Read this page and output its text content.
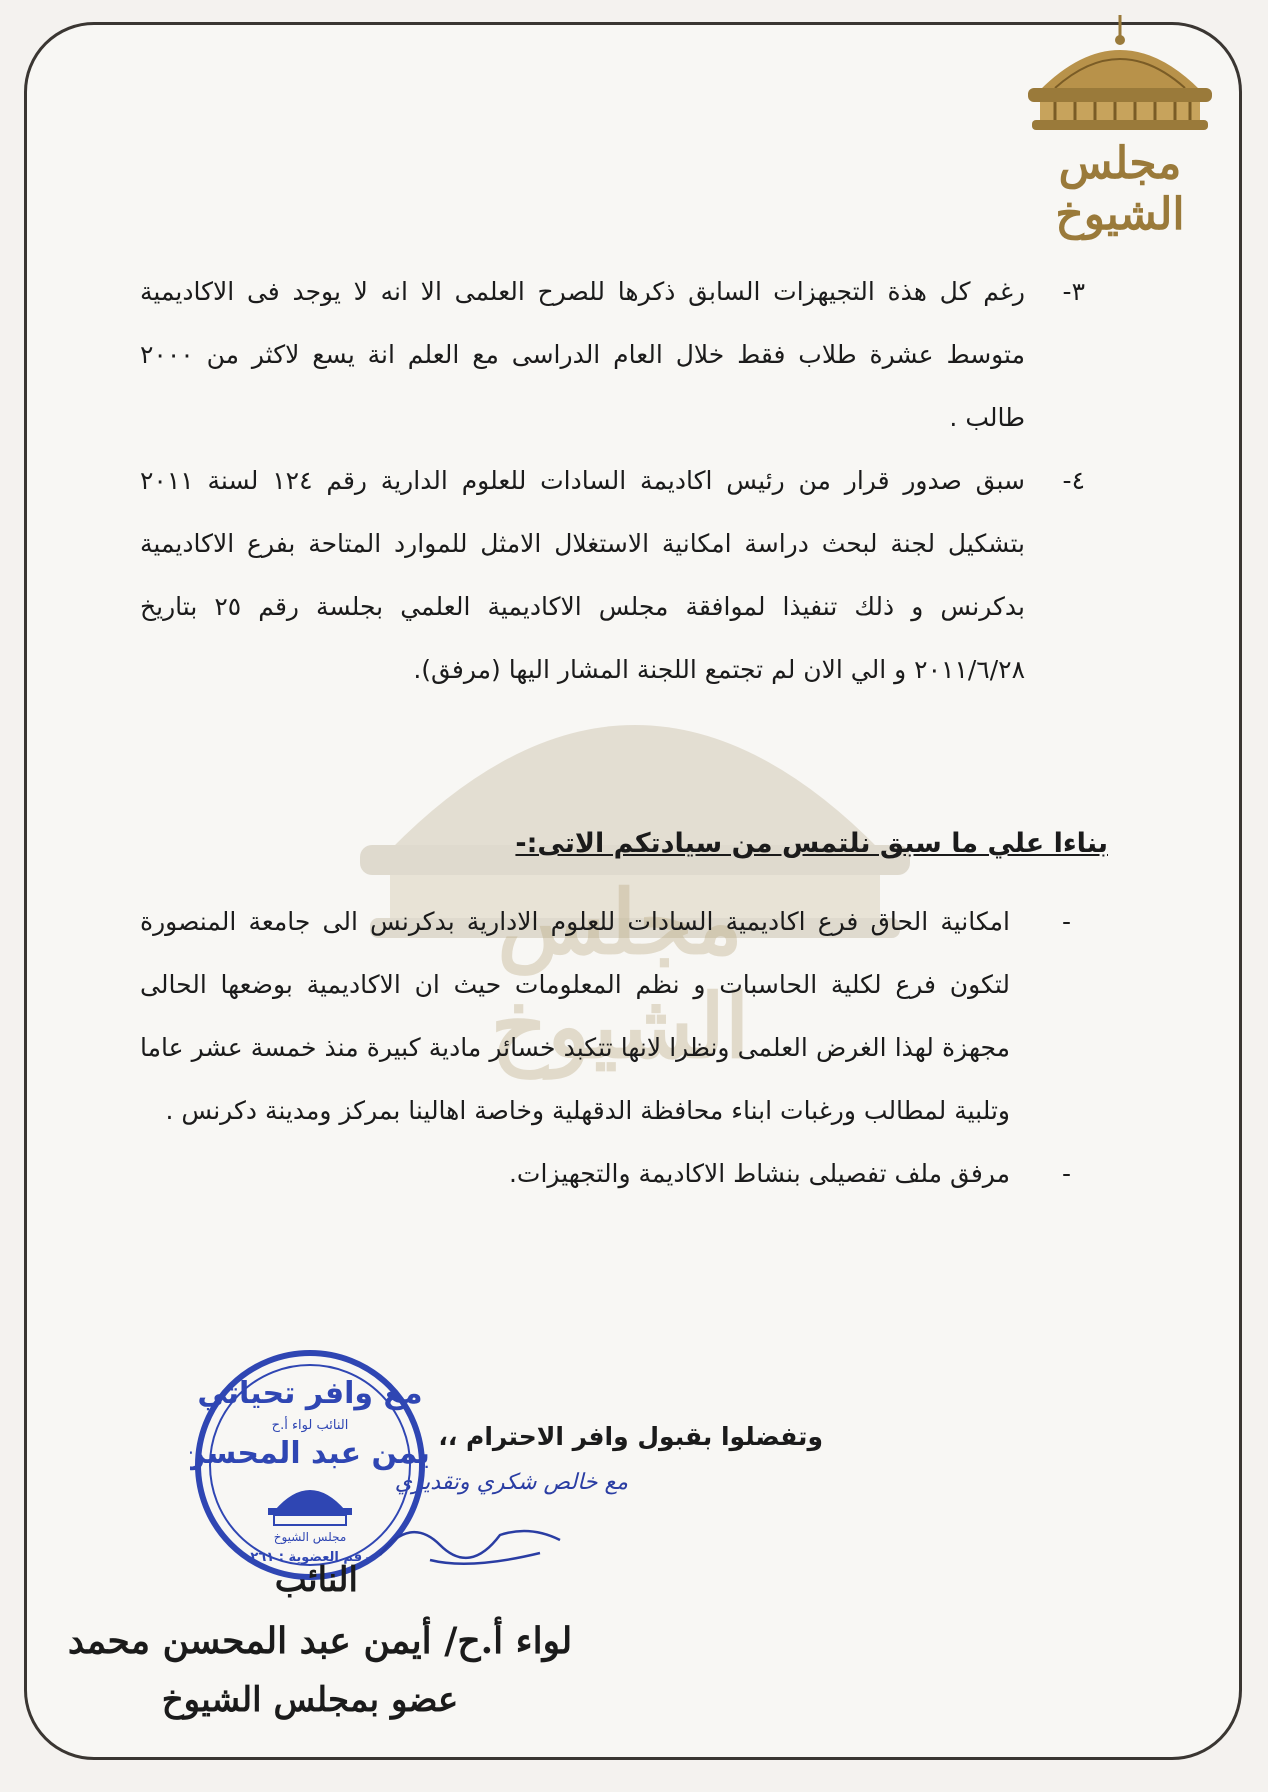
مجلس الشيوخ
مجلس الشيوخ
٣-
رغم كل هذة التجيهزات السابق ذكرها للصرح العلمى الا انه لا يوجد فى الاكاديمية متوسط عشرة طلاب فقط خلال العام الدراسى مع العلم انة يسع لاكثر من ٢٠٠٠ طالب .
٤-
سبق صدور قرار من رئيس اكاديمة السادات للعلوم الدارية رقم ١٢٤ لسنة ٢٠١١ بتشكيل لجنة لبحث دراسة امكانية الاستغلال الامثل للموارد المتاحة بفرع الاكاديمية بدكرنس و ذلك تنفيذا لموافقة مجلس الاكاديمية العلمي بجلسة رقم ٢٥ بتاريخ ٢٠١١/٦/٢٨ و الي الان لم تجتمع اللجنة المشار اليها (مرفق).
بناءا علي ما سبق نلتمس من سيادتكم الاتى:-
-
امكانية الحاق فرع اكاديمية السادات للعلوم الادارية بدكرنس الى جامعة المنصورة لتكون فرع لكلية الحاسبات و نظم المعلومات حيث ان الاكاديمية بوضعها الحالى مجهزة لهذا الغرض العلمى ونظرا لانها تتكبد خسائر مادية كبيرة منذ خمسة عشر عاما وتلبية لمطالب ورغبات ابناء محافظة الدقهلية وخاصة اهالينا بمركز ومدينة دكرنس .
-
مرفق ملف تفصيلى بنشاط الاكاديمة والتجهيزات.
وتفضلوا بقبول وافر الاحترام ،،
مع خالص شكري وتقديري
مع وافر تحياتي
النائب لواء أ.ح
أيمن عبد المحسن
مجلس الشيوخ
رقم العضوية : ٢٦١
النائب
لواء أ.ح/ أيمن عبد المحسن محمد
عضو بمجلس الشيوخ
